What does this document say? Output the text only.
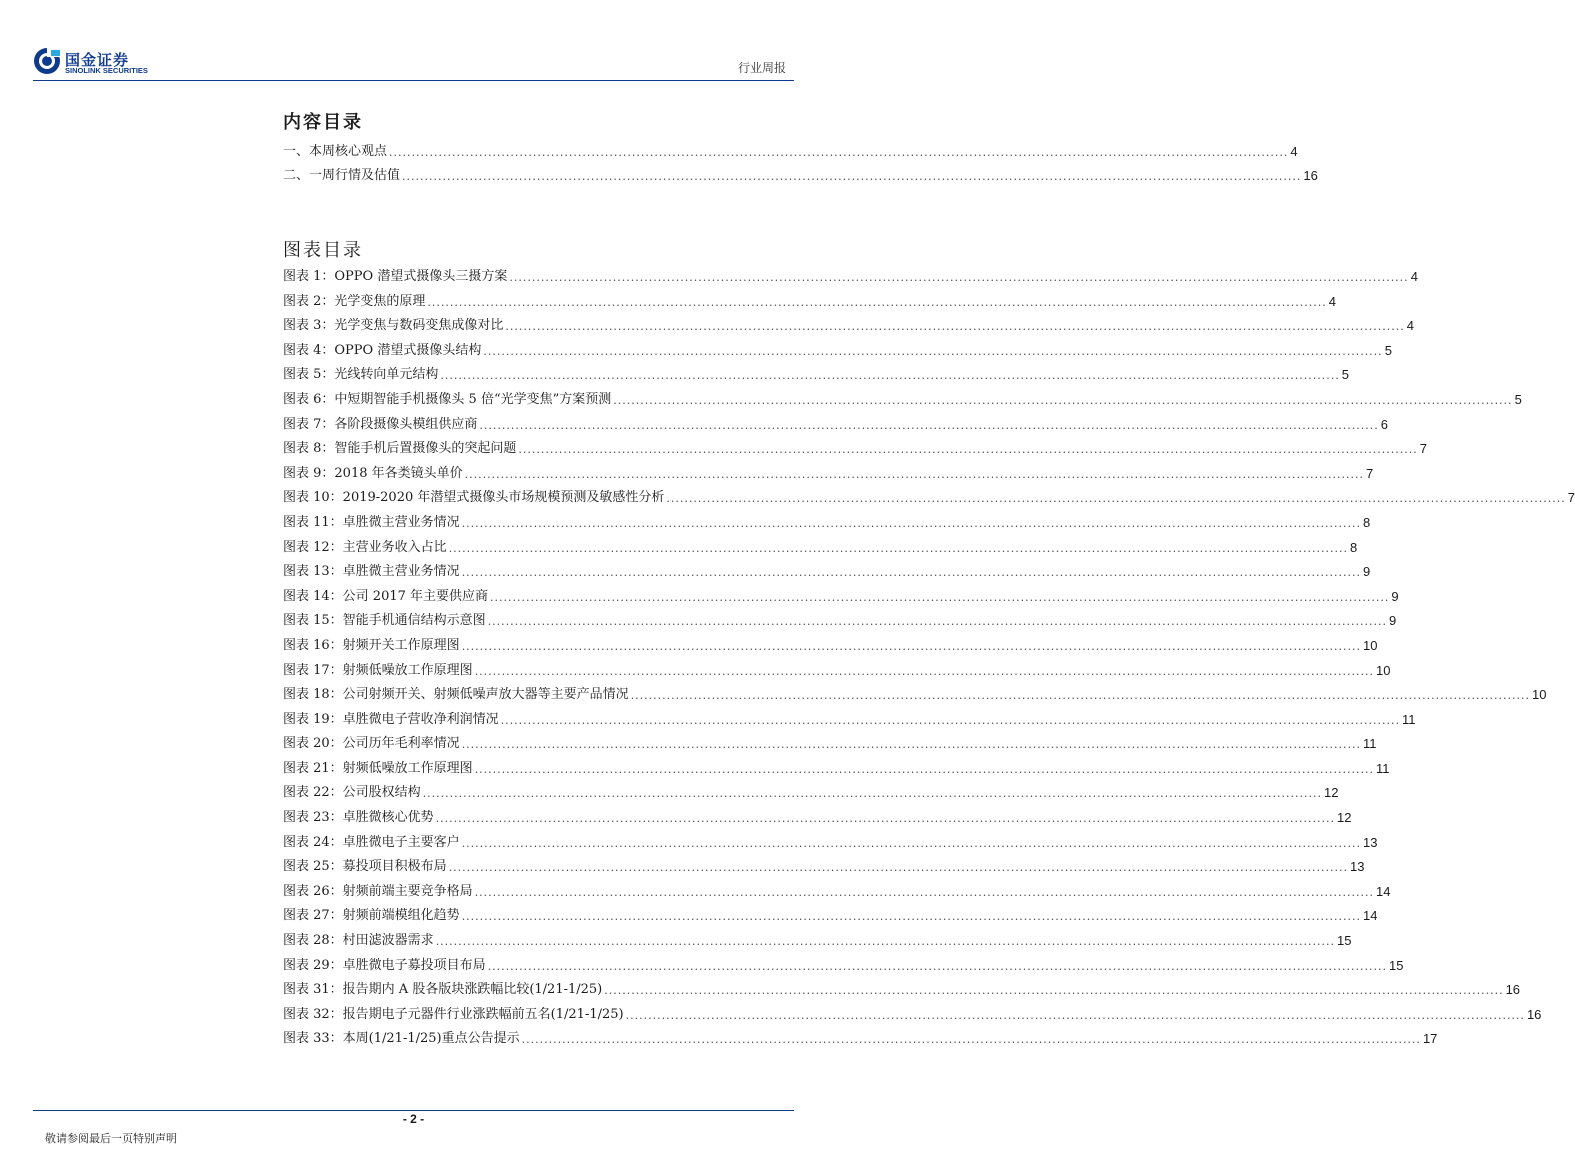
国金证券
SINOLINK SECURITIES	行业周报
内容目录
一、本周核心观点 ........................................................................................................................................................................................................ 4
二、一周行情及估值 ........................................................................................................................................................................................................ 16
图表目录
图表 1：OPPO 潜望式摄像头三摄方案 ........................................................................................................................................................................................................ 4
图表 2：光学变焦的原理 ........................................................................................................................................................................................................ 4
图表 3：光学变焦与数码变焦成像对比 ........................................................................................................................................................................................................ 4
图表 4：OPPO 潜望式摄像头结构 ........................................................................................................................................................................................................ 5
图表 5：光线转向单元结构 ........................................................................................................................................................................................................ 5
图表 6：中短期智能手机摄像头 5 倍“光学变焦”方案预测 ........................................................................................................................................................................................................ 5
图表 7：各阶段摄像头模组供应商 ........................................................................................................................................................................................................ 6
图表 8：智能手机后置摄像头的突起问题 ........................................................................................................................................................................................................ 7
图表 9：2018 年各类镜头单价 ........................................................................................................................................................................................................ 7
图表 10：2019-2020 年潜望式摄像头市场规模预测及敏感性分析 ........................................................................................................................................................................................................ 7
图表 11：卓胜微主营业务情况 ........................................................................................................................................................................................................ 8
图表 12：主营业务收入占比 ........................................................................................................................................................................................................ 8
图表 13：卓胜微主营业务情况 ........................................................................................................................................................................................................ 9
图表 14：公司 2017 年主要供应商 ........................................................................................................................................................................................................ 9
图表 15：智能手机通信结构示意图 ........................................................................................................................................................................................................ 9
图表 16：射频开关工作原理图 ........................................................................................................................................................................................................ 10
图表 17：射频低噪放工作原理图 ........................................................................................................................................................................................................ 10
图表 18：公司射频开关、射频低噪声放大器等主要产品情况 ........................................................................................................................................................................................................ 10
图表 19：卓胜微电子营收净利润情况 ........................................................................................................................................................................................................ 11
图表 20：公司历年毛利率情况 ........................................................................................................................................................................................................ 11
图表 21：射频低噪放工作原理图 ........................................................................................................................................................................................................ 11
图表 22：公司股权结构 ........................................................................................................................................................................................................ 12
图表 23：卓胜微核心优势 ........................................................................................................................................................................................................ 12
图表 24：卓胜微电子主要客户 ........................................................................................................................................................................................................ 13
图表 25：募投项目积极布局 ........................................................................................................................................................................................................ 13
图表 26：射频前端主要竞争格局 ........................................................................................................................................................................................................ 14
图表 27：射频前端模组化趋势 ........................................................................................................................................................................................................ 14
图表 28：村田滤波器需求 ........................................................................................................................................................................................................ 15
图表 29：卓胜微电子募投项目布局 ........................................................................................................................................................................................................ 15
图表 31：报告期内 A 股各版块涨跌幅比较(1/21-1/25) ........................................................................................................................................................................................................ 16
图表 32：报告期电子元器件行业涨跌幅前五名(1/21-1/25) ........................................................................................................................................................................................................ 16
图表 33：本周(1/21-1/25)重点公告提示 ........................................................................................................................................................................................................ 17
- 2 -
敬请参阅最后一页特别声明
